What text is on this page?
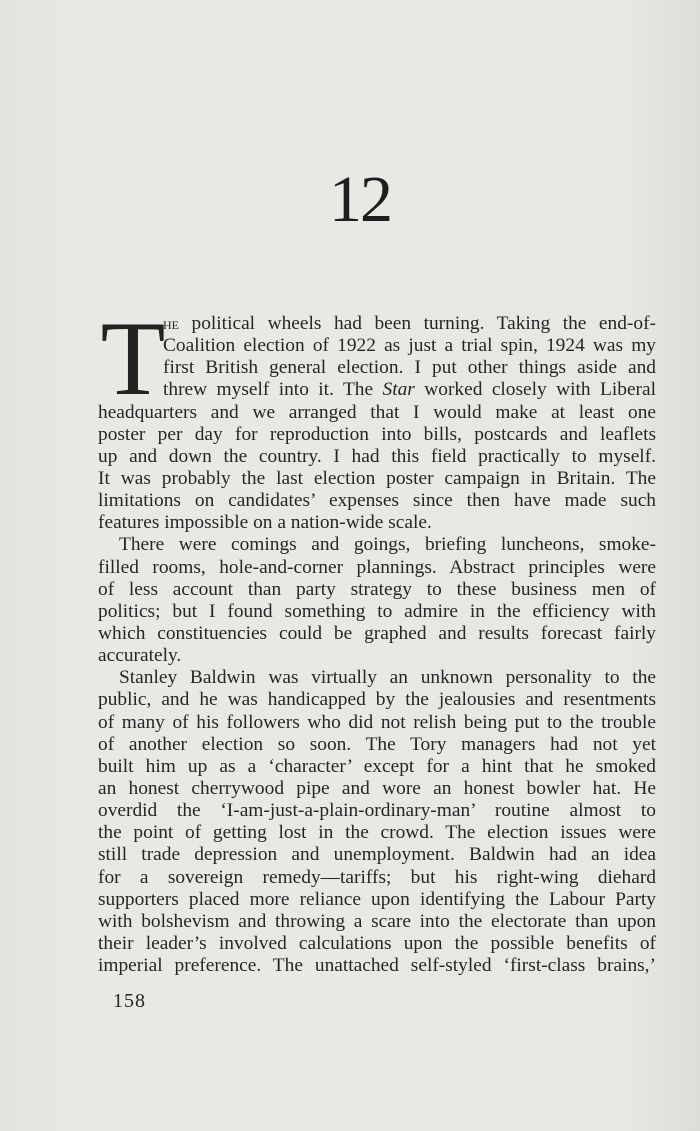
12
T
he political wheels had been turning. Taking the end-of-
Coalition election of 1922 as just a trial spin, 1924 was my
first British general election. I put other things aside and
threw myself into it. The Star worked closely with Liberal
headquarters and we arranged that I would make at least one
poster per day for reproduction into bills, postcards and leaflets
up and down the country. I had this field practically to myself.
It was probably the last election poster campaign in Britain. The
limitations on candidates’ expenses since then have made such
features impossible on a nation-wide scale.
There were comings and goings, briefing luncheons, smoke-
filled rooms, hole-and-corner plannings. Abstract principles were
of less account than party strategy to these business men of
politics; but I found something to admire in the efficiency with
which constituencies could be graphed and results forecast fairly
accurately.
Stanley Baldwin was virtually an unknown personality to the
public, and he was handicapped by the jealousies and resentments
of many of his followers who did not relish being put to the trouble
of another election so soon. The Tory managers had not yet
built him up as a ‘character’ except for a hint that he smoked
an honest cherrywood pipe and wore an honest bowler hat. He
overdid the ‘I-am-just-a-plain-ordinary-man’ routine almost to
the point of getting lost in the crowd. The election issues were
still trade depression and unemployment. Baldwin had an idea
for a sovereign remedy—tariffs; but his right-wing diehard
supporters placed more reliance upon identifying the Labour Party
with bolshevism and throwing a scare into the electorate than upon
their leader’s involved calculations upon the possible benefits of
imperial preference. The unattached self-styled ‘first-class brains,’
158
